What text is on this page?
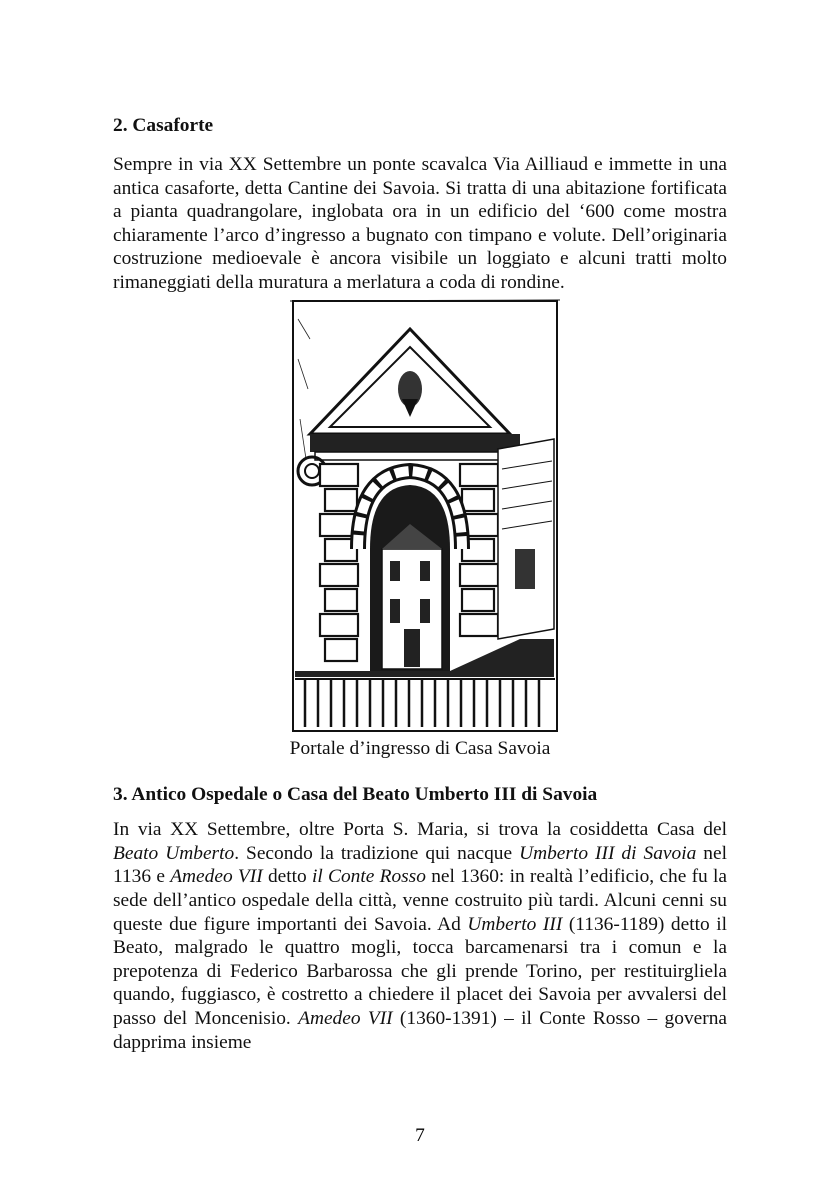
2. Casaforte

Sempre in via XX Settembre un ponte scavalca Via Ailliaud e immette in una antica casaforte, detta Cantine dei Savoia. Si tratta di una abitazione fortificata a pianta quadrangolare, inglobata ora in un edificio del ‘600 come mostra chiaramente l’arco d’ingresso a bugnato con timpano e volute. Dell’originaria costruzione medioevale è ancora visibile un loggiato e alcuni tratti molto rimaneggiati della muratura a merlatura a coda di rondine.

Portale d’ingresso di Casa Savoia
3. Antico Ospedale o Casa del Beato Umberto III di Savoia

In via XX Settembre, oltre Porta S. Maria, si trova la cosiddetta Casa del Beato Umberto. Secondo la tradizione qui nacque Umberto III di Savoia nel 1136 e Amedeo VII detto il Conte Rosso nel 1360: in realtà l’edificio, che fu la sede dell’antico ospedale della città, venne costruito più tardi. Alcuni cenni su queste due figure importanti dei Savoia. Ad Umberto III (1136-1189) detto il Beato, malgrado le quattro mogli, tocca barcamenarsi tra i comun e la prepotenza di Federico Barbarossa che gli prende Torino, per restituirgliela quando, fuggiasco, è costretto a chiedere il placet dei Savoia per avvalersi del passo del Moncenisio. Amedeo VII (1360-1391) – il Conte Rosso – governa dapprima insieme

7
